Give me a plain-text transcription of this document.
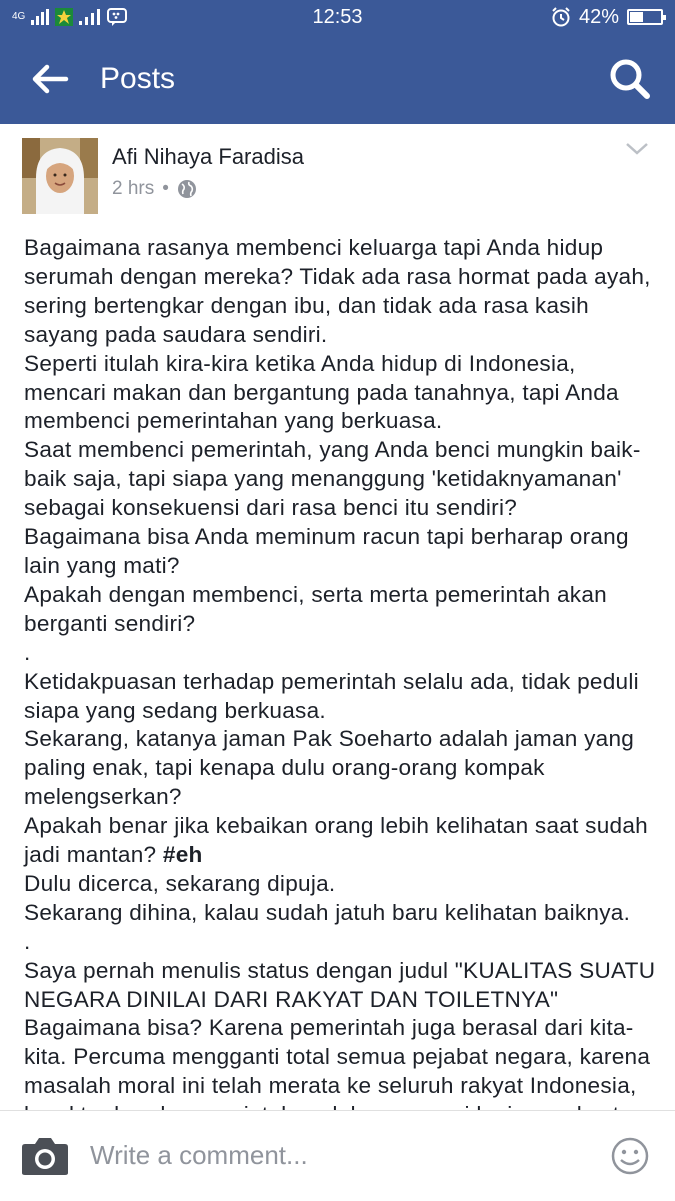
4G	12:53	42%
Posts
Afi Nihaya Faradisa
2 hrs •

Bagaimana rasanya membenci keluarga tapi Anda hidup serumah dengan mereka? Tidak ada rasa hormat pada ayah, sering bertengkar dengan ibu, dan tidak ada rasa kasih sayang pada saudara sendiri.

Seperti itulah kira-kira ketika Anda hidup di Indonesia, mencari makan dan bergantung pada tanahnya, tapi Anda membenci pemerintahan yang berkuasa.

Saat membenci pemerintah, yang Anda benci mungkin baik-baik saja, tapi siapa yang menanggung 'ketidaknyamanan' sebagai konsekuensi dari rasa benci itu sendiri?

Bagaimana bisa Anda meminum racun tapi berharap orang lain yang mati?

Apakah dengan membenci, serta merta pemerintah akan berganti sendiri?

.

Ketidakpuasan terhadap pemerintah selalu ada, tidak peduli siapa yang sedang berkuasa.

Sekarang, katanya jaman Pak Soeharto adalah jaman yang paling enak, tapi kenapa dulu orang-orang kompak melengserkan?

Apakah benar jika kebaikan orang lebih kelihatan saat sudah jadi mantan? #eh

Dulu dicerca, sekarang dipuja.

Sekarang dihina, kalau sudah jatuh baru kelihatan baiknya.

.

Saya pernah menulis status dengan judul "KUALITAS SUATU NEGARA DINILAI DARI RAKYAT DAN TOILETNYA"

Bagaimana bisa? Karena pemerintah juga berasal dari kita-kita. Percuma mengganti total semua pejabat negara, karena masalah moral ini telah merata ke seluruh rakyat Indonesia,

Write a comment...
